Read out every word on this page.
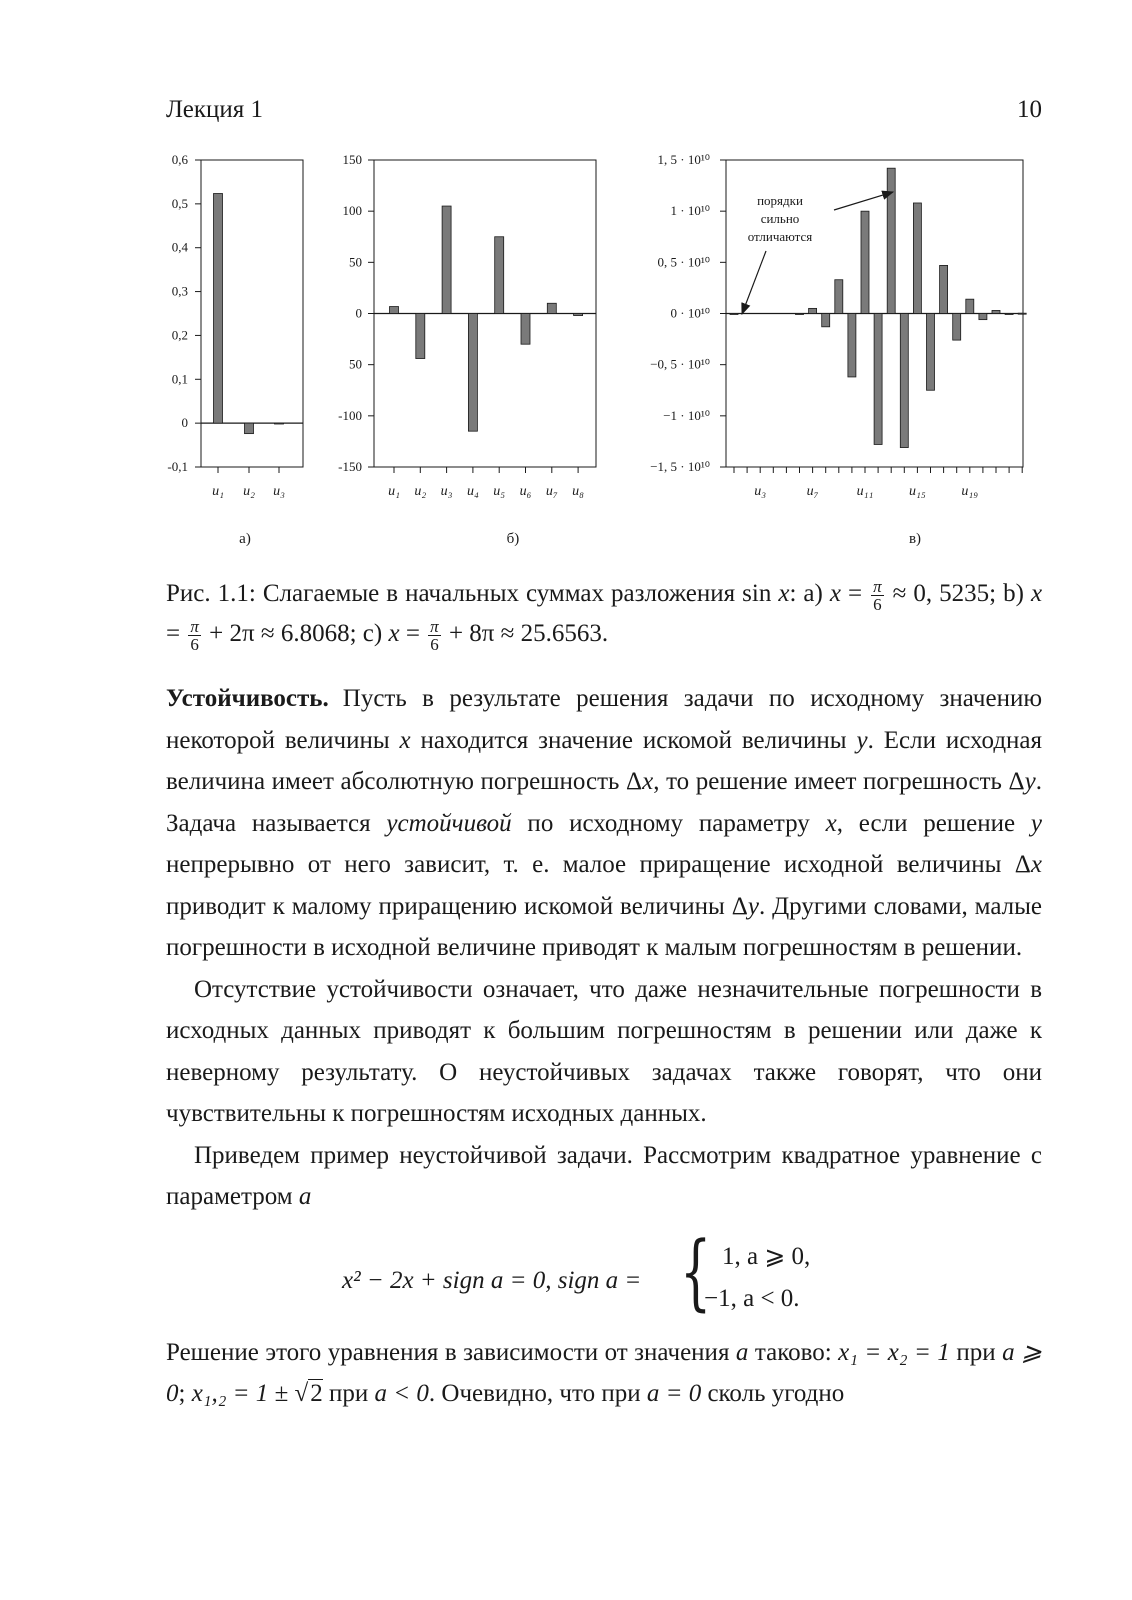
Лекция 1	10
-0,1
0
0,1
0,2
0,3
0,4
0,5
0,6
u₁ u₂ u₃
-150
-100
50
0
50
100
150
u₁ u₂ u₃ u₄ u₅ u₆ u₇ u₈
−1, 5 · 10¹⁰
−1 · 10¹⁰
−0, 5 · 10¹⁰
0 · 10¹⁰
0, 5 · 10¹⁰
1 · 10¹⁰
1, 5 · 10¹⁰
u₃	u₇	u₁₁	u₁₅	u₁₉
а)	б)	в)
порядки
сильно
отличаются
Рис. 1.1: Слагаемые в начальных суммах разложения sin x: a) $x = \frac{\pi}{6} \approx 0$, 5235; b) $x = \frac{\pi}{6} + 2\pi \approx 6.8068$; c) $x = \frac{\pi}{6} + 8\pi \approx 25.6563$.

Устойчивость. Пусть в результате решения задачи по исходному значению некоторой величины x находится значение искомой величины y. Если исходная величина имеет абсолютную погрешность Δx, то решение имеет погрешность Δy. Задача называется устойчивой по исходному параметру x, если решение y непрерывно от него зависит, т. е. малое приращение исходной величины Δx приводит к малому приращению искомой величины Δy. Другими словами, малые погрешности в исходной величине приводят к малым погрешностям в решении.

Отсутствие устойчивости означает, что даже незначительные погрешности в исходных данных приводят к большим погрешностям в решении или даже к неверному результату. О неустойчивых задачах также говорят, что они чувствительны к погрешностям исходных данных.

Приведем пример неустойчивой задачи. Рассмотрим квадратное уравнение с параметром a

x² − 2x + sign a = 0, sign a = { 1, a ⩾ 0,
−1, a < 0.

Решение этого уравнения в зависимости от значения a таково: x₁ = x₂ = 1 при a ⩾ 0; x₁,₂ = 1 ± √2 при a < 0. Очевидно, что при a = 0 сколь угодно
